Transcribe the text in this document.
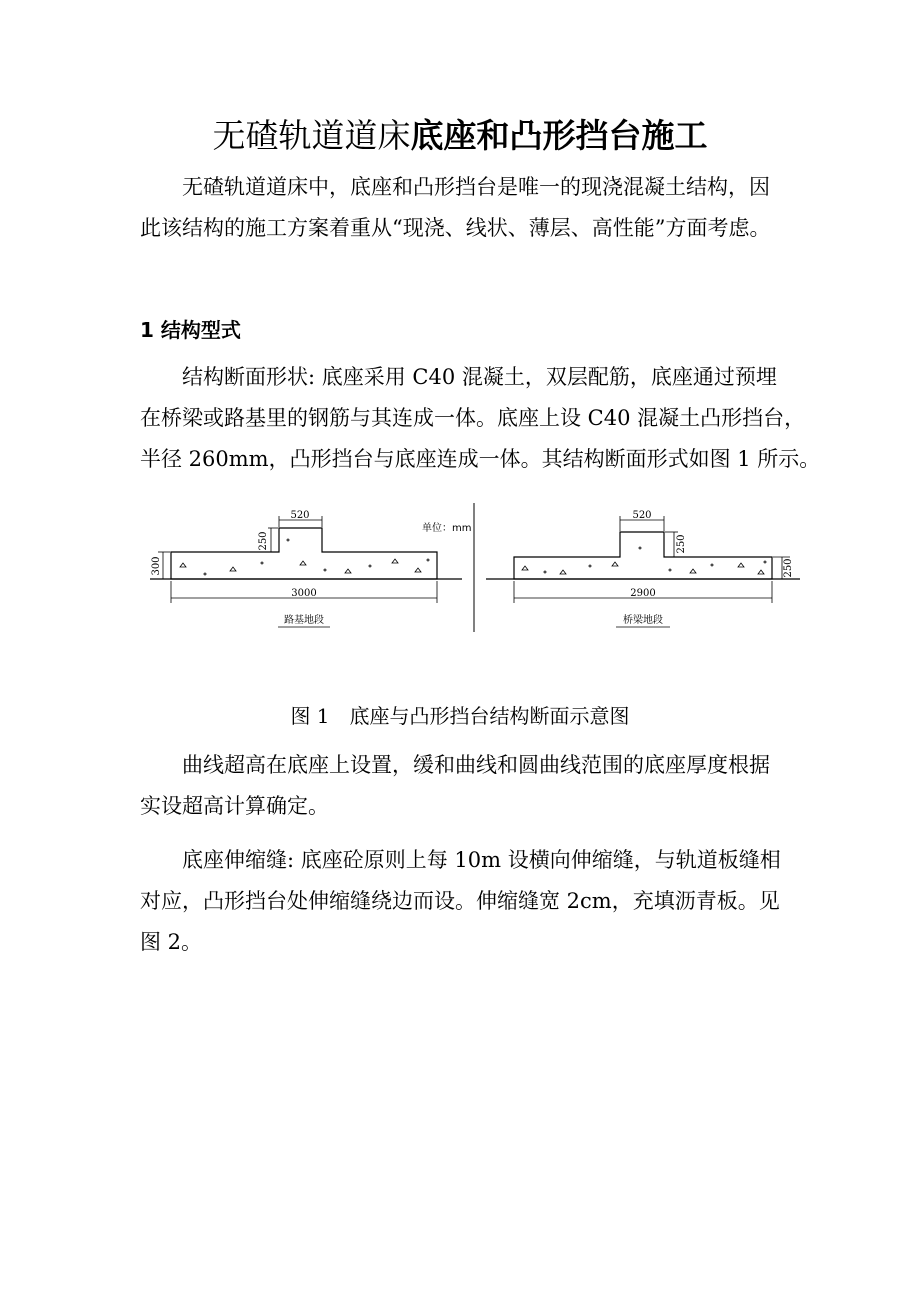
无碴轨道道床底座和凸形挡台施工
无碴轨道道床中，底座和凸形挡台是唯一的现浇混凝土结构，因
此该结构的施工方案着重从“现浇、线状、薄层、高性能”方面考虑。
1 结构型式
结构断面形状: 底座采用 C40 混凝土，双层配筋，底座通过预埋
在桥梁或路基里的钢筋与其连成一体。底座上设 C40 混凝土凸形挡台，
半径 260mm，凸形挡台与底座连成一体。其结构断面形式如图 1 所示。
520
250
300
3000
路基地段
单位：mm
520
250
250
2900
桥梁地段
图 1 底座与凸形挡台结构断面示意图
曲线超高在底座上设置，缓和曲线和圆曲线范围的底座厚度根据
实设超高计算确定。
底座伸缩缝: 底座砼原则上每 10m 设横向伸缩缝，与轨道板缝相
对应，凸形挡台处伸缩缝绕边而设。伸缩缝宽 2cm，充填沥青板。见
图 2。
